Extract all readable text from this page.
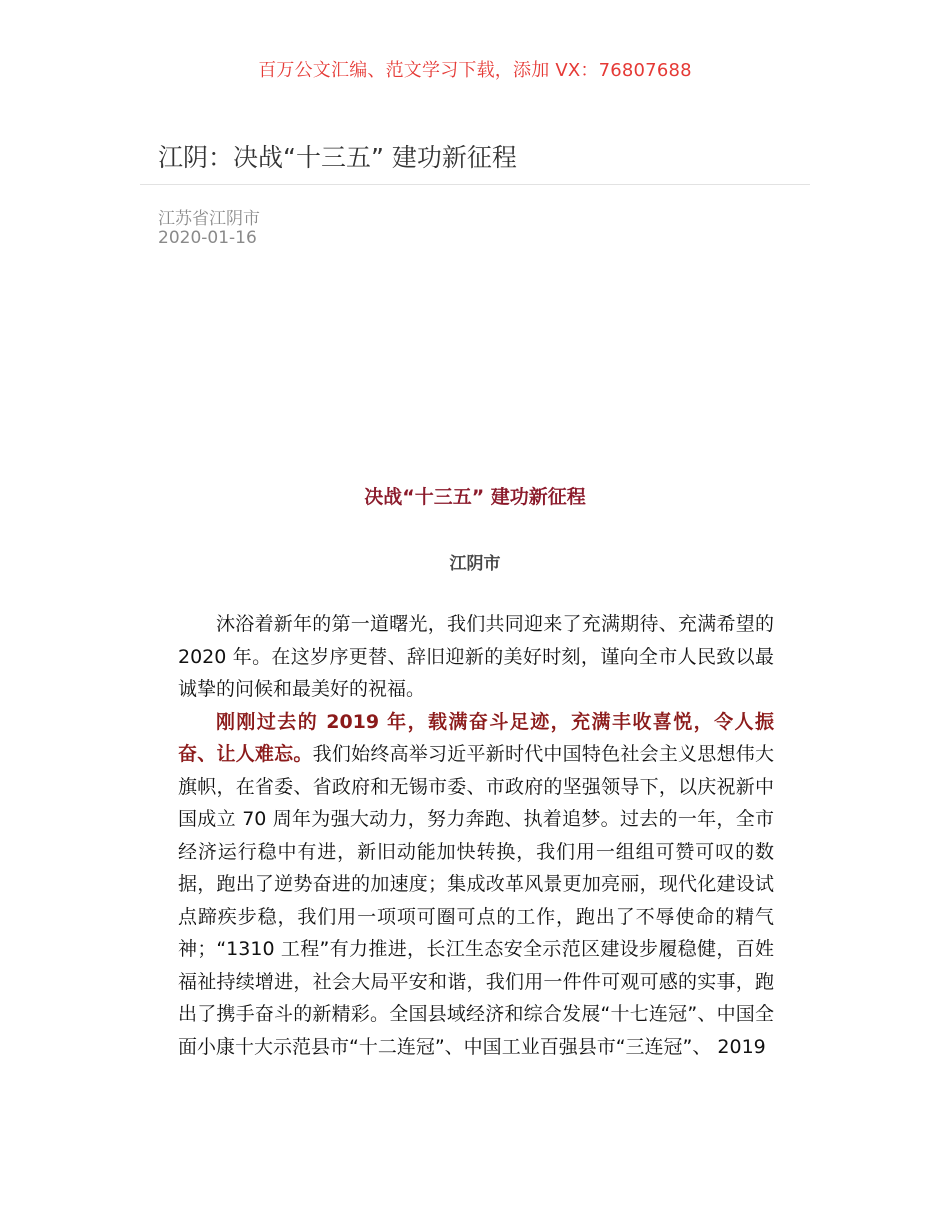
百万公文汇编、范文学习下载，添加 VX：76807688
江阴：决战“十三五” 建功新征程
江苏省江阴市
2020-01-16
决战“十三五” 建功新征程
江阴市

沐浴着新年的第一道曙光，我们共同迎来了充满期待、充满希望的 2020 年。在这岁序更替、辞旧迎新的美好时刻，谨向全市人民致以最诚挚的问候和最美好的祝福。

刚刚过去的 2019 年，载满奋斗足迹，充满丰收喜悦，令人振奋、让人难忘。我们始终高举习近平新时代中国特色社会主义思想伟大旗帜，在省委、省政府和无锡市委、市政府的坚强领导下，以庆祝新中国成立 70 周年为强大动力，努力奔跑、执着追梦。过去的一年，全市经济运行稳中有进，新旧动能加快转换，我们用一组组可赞可叹的数据，跑出了逆势奋进的加速度；集成改革风景更加亮丽，现代化建设试点蹄疾步稳，我们用一项项可圈可点的工作，跑出了不辱使命的精气神；“1310 工程”有力推进，长江生态安全示范区建设步履稳健，百姓福祉持续增进，社会大局平安和谐，我们用一件件可观可感的实事，跑出了携手奋斗的新精彩。全国县域经济和综合发展“十七连冠”、中国全面小康十大示范县市“十二连冠”、中国工业百强县市“三连冠”、 2019
